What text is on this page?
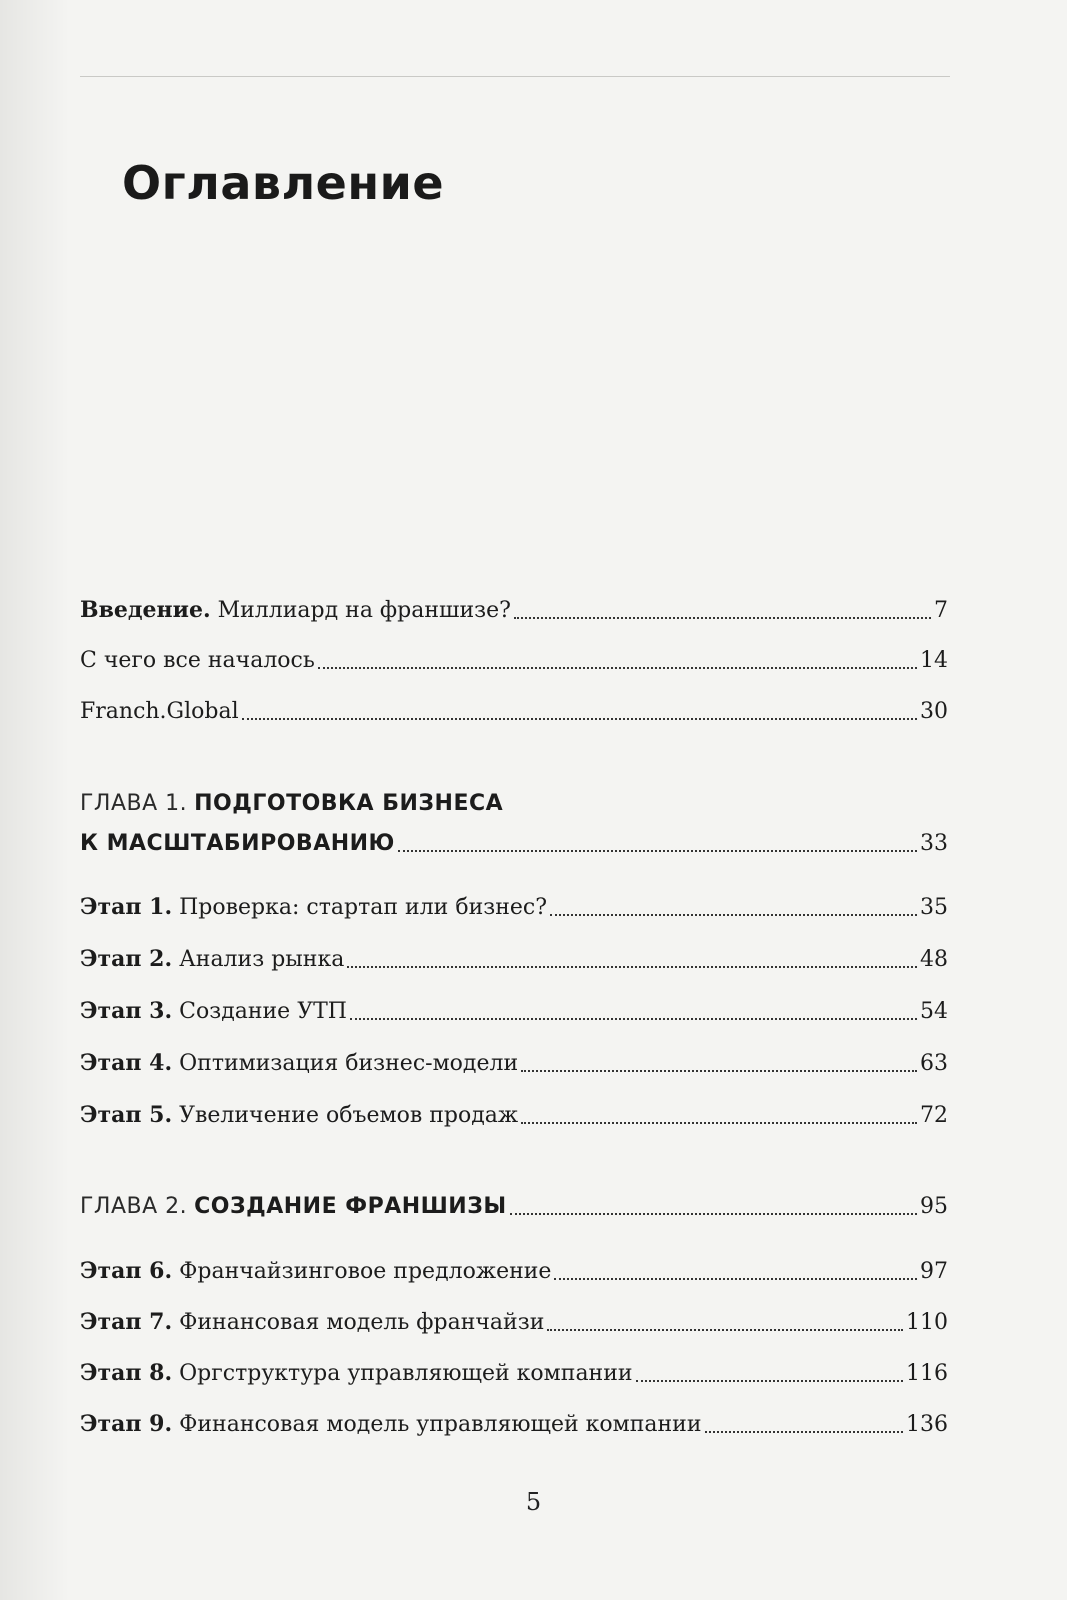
Оглавление
Введение. Миллиард на франшизе?	7
С чего все началось	14
Franch.Global	30
ГЛАВА 1. ПОДГОТОВКА БИЗНЕСА
К МАСШТАБИРОВАНИЮ	33
Этап 1. Проверка: стартап или бизнес?	35
Этап 2. Анализ рынка	48
Этап 3. Создание УТП	54
Этап 4. Оптимизация бизнес-модели	63
Этап 5. Увеличение объемов продаж	72
ГЛАВА 2. СОЗДАНИЕ ФРАНШИЗЫ	95
Этап 6. Франчайзинговое предложение	97
Этап 7. Финансовая модель франчайзи	110
Этап 8. Оргструктура управляющей компании	116
Этап 9. Финансовая модель управляющей компании	136
5
